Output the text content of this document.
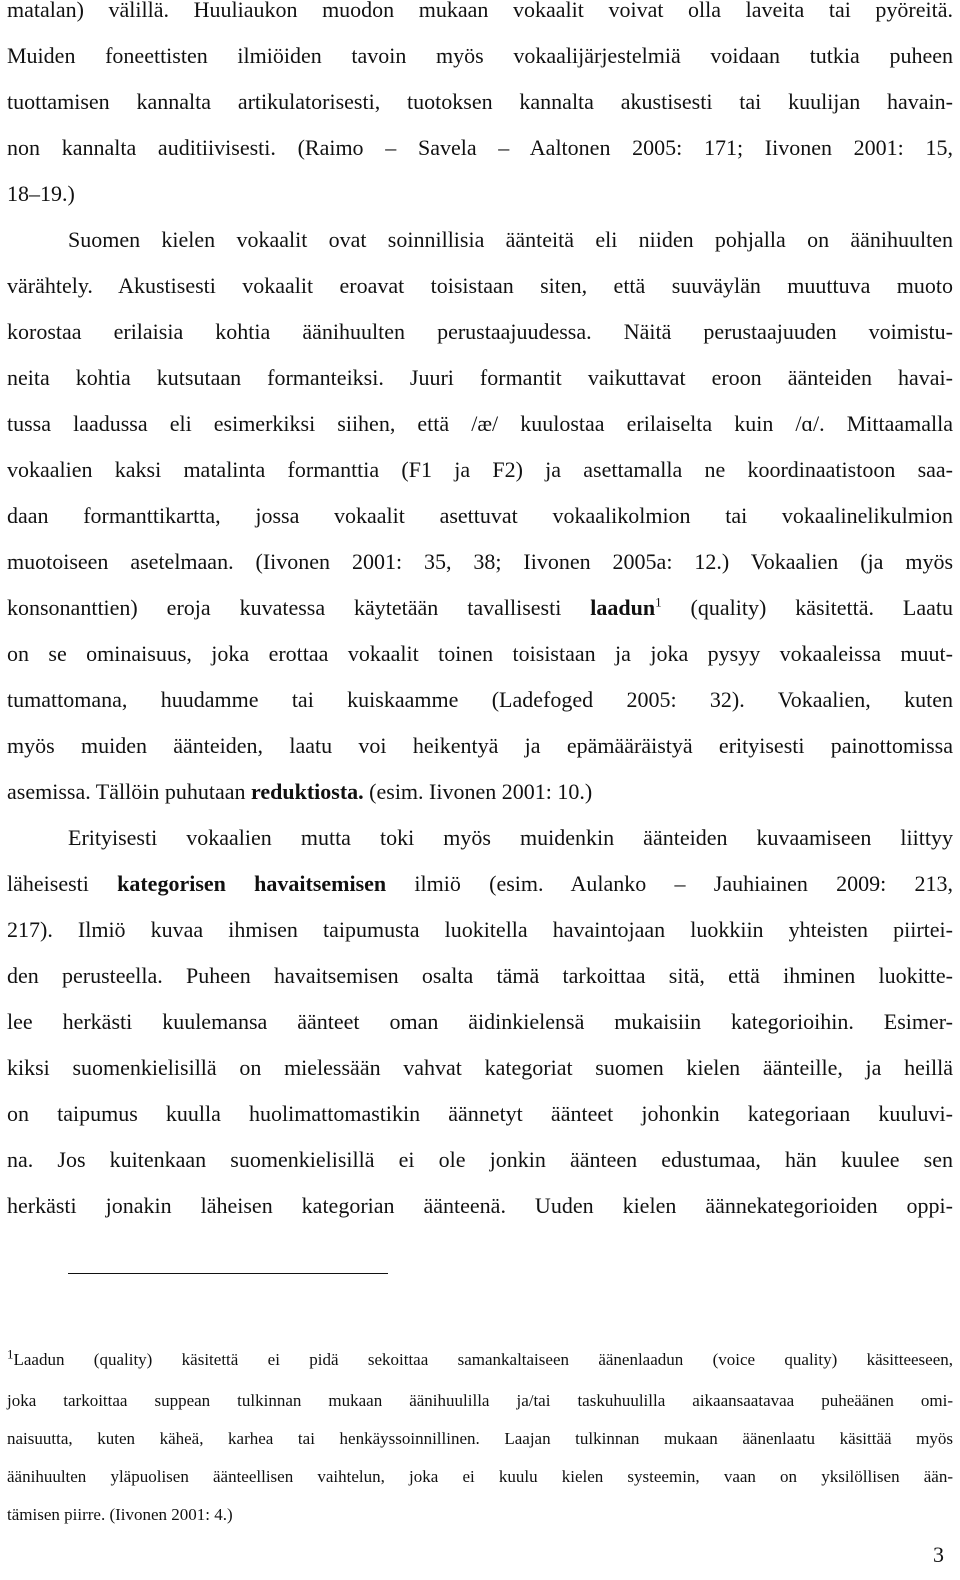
matalan) välillä. Huuliaukon muodon mukaan vokaalit voivat olla laveita tai pyöreitä.
Muiden foneettisten ilmiöiden tavoin myös vokaalijärjestelmiä voidaan tutkia puheen
tuottamisen kannalta artikulatorisesti, tuotoksen kannalta akustisesti tai kuulijan havain-
non kannalta auditiivisesti. (Raimo – Savela – Aaltonen 2005: 171; Iivonen 2001: 15,
18–19.)
Suomen kielen vokaalit ovat soinnillisia äänteitä eli niiden pohjalla on äänihuulten
värähtely. Akustisesti vokaalit eroavat toisistaan siten, että suuväylän muuttuva muoto
korostaa erilaisia kohtia äänihuulten perustaajuudessa. Näitä perustaajuuden voimistu-
neita kohtia kutsutaan formanteiksi. Juuri formantit vaikuttavat eroon äänteiden havai-
tussa laadussa eli esimerkiksi siihen, että /æ/ kuulostaa erilaiselta kuin /ɑ/. Mittaamalla
vokaalien kaksi matalinta formanttia (F1 ja F2) ja asettamalla ne koordinaatistoon saa-
daan formanttikartta, jossa vokaalit asettuvat vokaalikolmion tai vokaalinelikulmion
muotoiseen asetelmaan. (Iivonen 2001: 35, 38; Iivonen 2005a: 12.) Vokaalien (ja myös
konsonanttien) eroja kuvatessa käytetään tavallisesti laadun$^1$ (quality) käsitettä. Laatu
on se ominaisuus, joka erottaa vokaalit toinen toisistaan ja joka pysyy vokaaleissa muut-
tumattomana, huudamme tai kuiskaamme (Ladefoged 2005: 32). Vokaalien, kuten
myös muiden äänteiden, laatu voi heikentyä ja epämääräistyä erityisesti painottomissa
asemissa. Tällöin puhutaan reduktiosta. (esim. Iivonen 2001: 10.)
Erityisesti vokaalien mutta toki myös muidenkin äänteiden kuvaamiseen liittyy
läheisesti kategorisen havaitsemisen ilmiö (esim. Aulanko – Jauhiainen 2009: 213,
217). Ilmiö kuvaa ihmisen taipumusta luokitella havaintojaan luokkiin yhteisten piirtei-
den perusteella. Puheen havaitsemisen osalta tämä tarkoittaa sitä, että ihminen luokitte-
lee herkästi kuulemansa äänteet oman äidinkielensä mukaisiin kategorioihin. Esimer-
kiksi suomenkielisillä on mielessään vahvat kategoriat suomen kielen äänteille, ja heillä
on taipumus kuulla huolimattomastikin äännetyt äänteet johonkin kategoriaan kuuluvi-
na. Jos kuitenkaan suomenkielisillä ei ole jonkin äänteen edustumaa, hän kuulee sen
herkästi jonakin läheisen kategorian äänteenä. Uuden kielen äännekategorioiden oppi-
$^1$Laadun (quality) käsitettä ei pidä sekoittaa samankaltaiseen äänenlaadun (voice quality) käsitteeseen,
joka tarkoittaa suppean tulkinnan mukaan äänihuulilla ja/tai taskuhuulilla aikaansaatavaa puheäänen omi-
naisuutta, kuten käheä, karhea tai henkäyssoinnillinen. Laajan tulkinnan mukaan äänenlaatu käsittää myös
äänihuulten yläpuolisen äänteellisen vaihtelun, joka ei kuulu kielen systeemin, vaan on yksilöllisen ään-
tämisen piirre. (Iivonen 2001: 4.)
3
